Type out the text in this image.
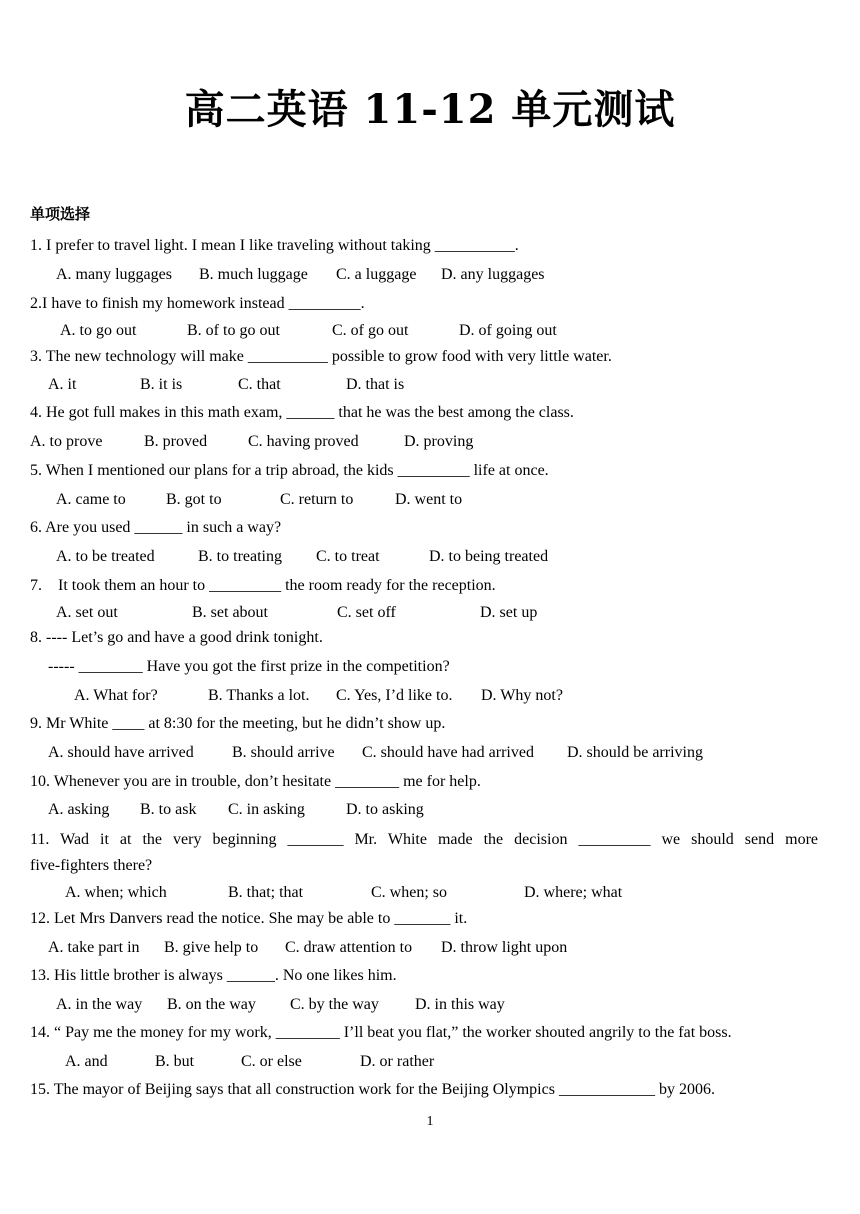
高二英语 11-12 单元测试
单项选择
1. I prefer to travel light. I mean I like traveling without taking __________.
A. many luggages B. much luggage C. a luggage D. any luggages
2.I have to finish my homework instead _________.
A. to go out	B. of to go out	C. of go out	D. of going out
3. The new technology will make __________ possible to grow food with very little water.
A. it	B. it is	C. that	D. that is
4. He got full makes in this math exam, ______ that he was the best among the class.
A. to prove	B. proved	C. having proved	D. proving
5. When I mentioned our plans for a trip abroad, the kids _________ life at once.
A. came to	B. got to	C. return to	D. went to
6. Are you used ______ in such a way?
A. to be treated	B. to treating C. to treat	D. to being treated
7.    It took them an hour to _________ the room ready for the reception.
A. set out	B. set about	C. set off	D. set up
8. ---- Let’s go and have a good drink tonight.
----- ________ Have you got the first prize in the competition?
A. What for?	B. Thanks a lot. C. Yes, I’d like to. D. Why not?
9. Mr White ____ at 8:30 for the meeting, but he didn’t show up.
A. should have arrived B. should arrive C. should have had arrived D. should be arriving
10. Whenever you are in trouble, don’t hesitate ________ me for help.
A. asking B. to ask C. in asking	D. to asking
11. Wad it at the very beginning _______ Mr. White made the decision _________ we should send more
five-fighters there?
A. when; which	B. that; that	C. when; so	D. where; what
12. Let Mrs Danvers read the notice. She may be able to _______ it.
A. take part in B. give help to C. draw attention to D. throw light upon
13. His little brother is always ______. No one likes him.
A. in the way B. on the way C. by the way D. in this way
14. “ Pay me the money for my work, ________ I’ll beat you flat,” the worker shouted angrily to the fat boss.
A. and	B. but	C. or else	D. or rather
15. The mayor of Beijing says that all construction work for the Beijing Olympics ____________ by 2006.
1
